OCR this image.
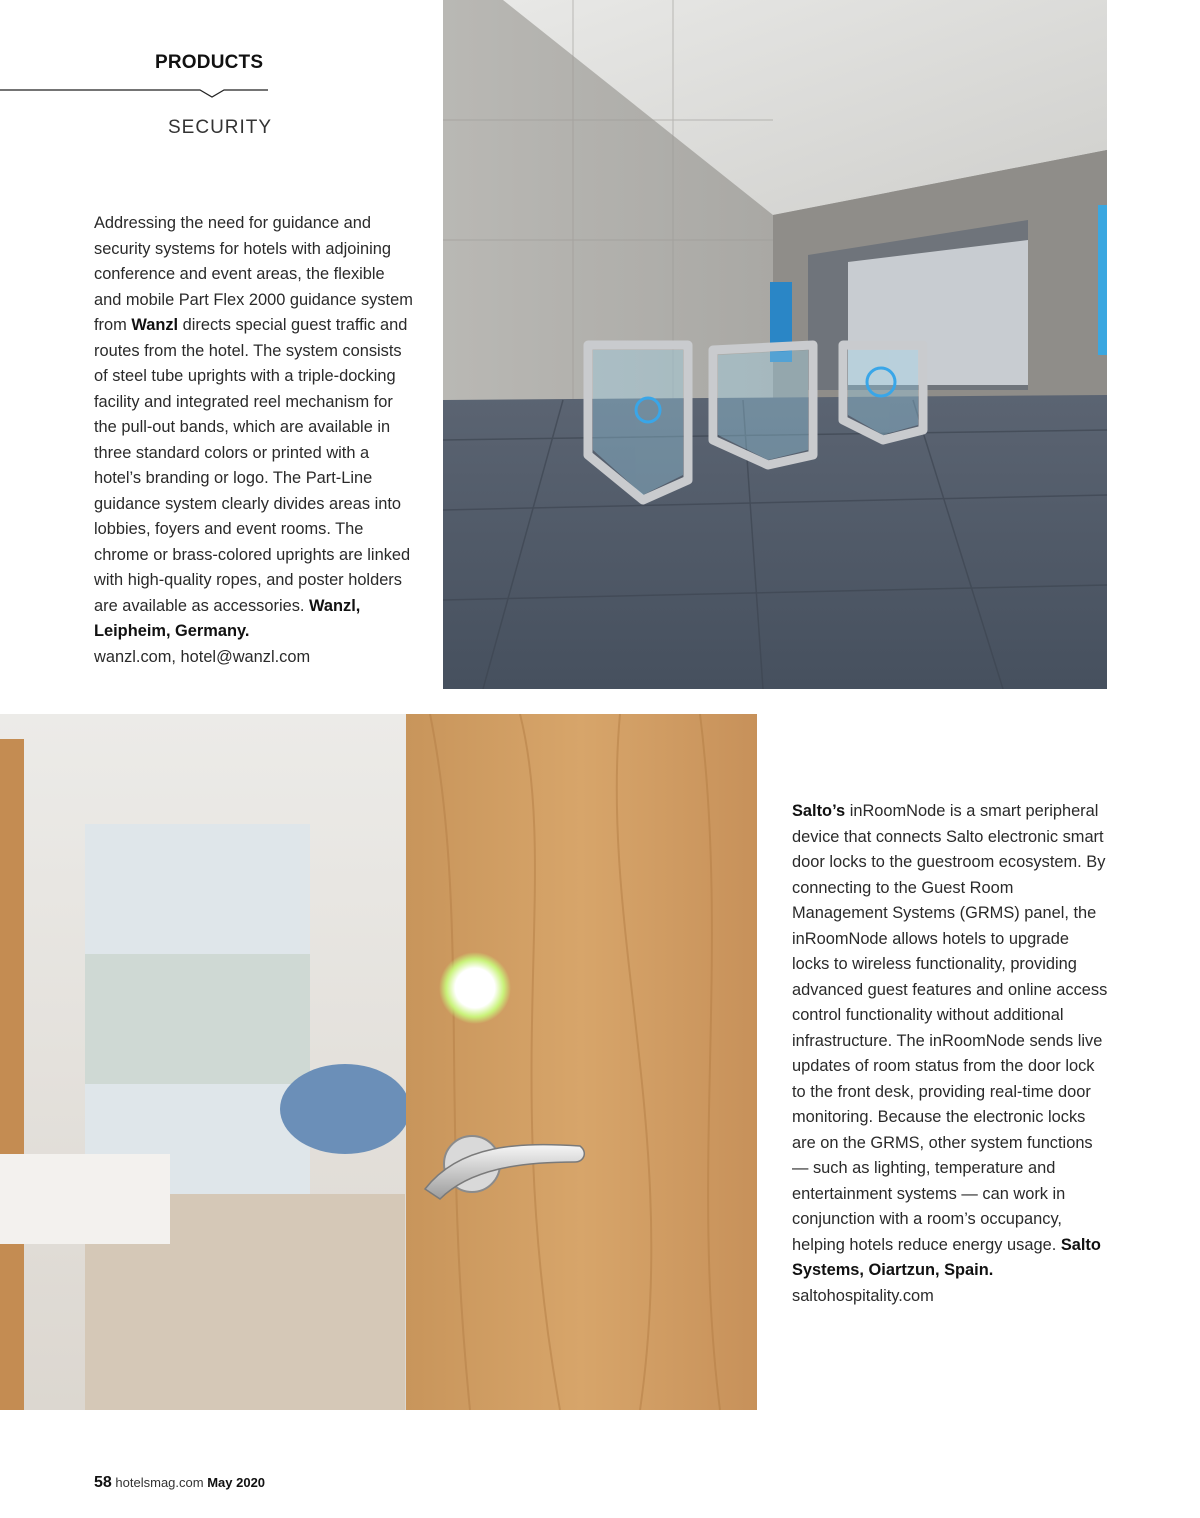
PRODUCTS
SECURITY
Addressing the need for guidance and security systems for hotels with adjoining conference and event areas, the flexible and mobile Part Flex 2000 guidance system from Wanzl directs special guest traffic and routes from the hotel. The system consists of steel tube uprights with a triple-docking facility and integrated reel mechanism for the pull-out bands, which are available in three standard colors or printed with a hotel’s branding or logo. The Part-Line guidance system clearly divides areas into lobbies, foyers and event rooms. The chrome or brass-colored uprights are linked with high-quality ropes, and poster holders are available as accessories. Wanzl, Leipheim, Germany.
wanzl.com, hotel@wanzl.com
Salto’s inRoomNode is a smart peripheral device that connects Salto electronic smart door locks to the guestroom ecosystem. By connecting to the Guest Room Management Systems (GRMS) panel, the inRoomNode allows hotels to upgrade locks to wireless functionality, providing advanced guest features and online access control functionality without additional infrastructure. The inRoomNode sends live updates of room status from the door lock to the front desk, providing real-time door monitoring. Because the electronic locks are on the GRMS, other system functions — such as lighting, temperature and entertainment systems — can work in conjunction with a room’s occupancy, helping hotels reduce energy usage. Salto Systems, Oiartzun, Spain. saltohospitality.com
58 hotelsmag.com May 2020
